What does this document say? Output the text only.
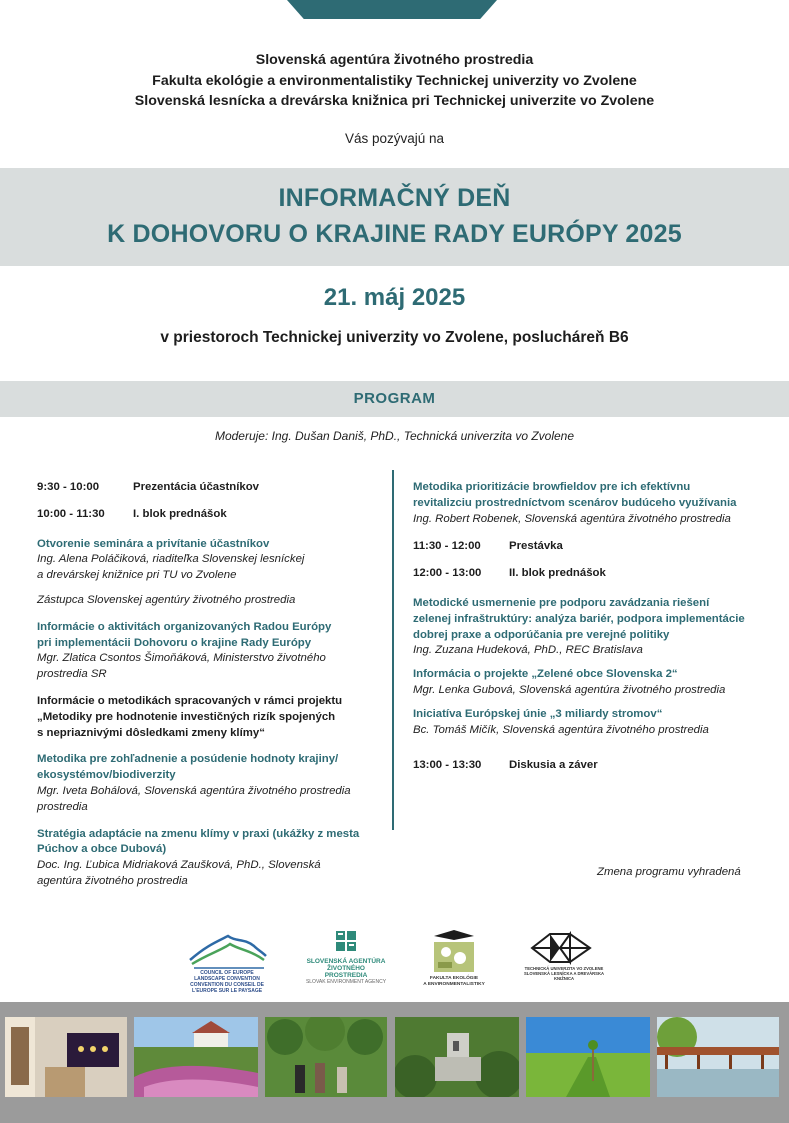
Slovenská agentúra životného prostredia
Fakulta ekológie a environmentalistiky Technickej univerzity vo Zvolene
Slovenská lesnícka a drevárska knižnica pri Technickej univerzite vo Zvolene
Vás pozývajú na
INFORMAČNÝ DEŇ
K DOHOVORU O KRAJINE RADY EURÓPY 2025
21. máj 2025
v priestoroch Technickej univerzity vo Zvolene, poslucháreň B6
PROGRAM
Moderuje: Ing. Dušan Daniš, PhD., Technická univerzita vo Zvolene
9:30 - 10:00	Prezentácia účastníkov
10:00 - 11:30	I. blok prednášok
Otvorenie seminára a privítanie účastníkov
Ing. Alena Poláčiková, riaditeľka Slovenskej lesníckej
a drevárskej knižnice pri TU vo Zvolene
Zástupca Slovenskej agentúry životného prostredia
Informácie o aktivitách organizovaných Radou Európy
pri implementácii Dohovoru o krajine Rady Európy
Mgr. Zlatica Csontos Šimoňáková, Ministerstvo životného
prostredia SR
Informácie o metodikách spracovaných v rámci projektu
„Metodiky pre hodnotenie investičných rizík spojených
s nepriaznivými dôsledkami zmeny klímy“
Metodika pre zohľadnenie a posúdenie hodnoty krajiny/
ekosystémov/biodiverzity
Mgr. Iveta Bohálová, Slovenská agentúra životného prostredia
prostredia
Stratégia adaptácie na zmenu klímy v praxi (ukážky z mesta
Púchov a obce Dubová)
Doc. Ing. Ľubica Midriaková Zaušková, PhD., Slovenská
agentúra životného prostredia
Metodika prioritizácie browfieldov pre ich efektívnu
revitalizciu prostredníctvom scenárov budúceho využívania
Ing. Robert Robenek, Slovenská agentúra životného prostredia
11:30 - 12:00	Prestávka
12:00 - 13:00	II. blok prednášok
Metodické usmernenie pre podporu zavádzania riešení
zelenej infraštruktúry: analýza bariér, podpora implementácie
dobrej praxe a odporúčania pre verejné politiky
Ing. Zuzana Hudeková, PhD., REC Bratislava
Informácia o projekte „Zelené obce Slovenska 2“
Mgr. Lenka Gubová, Slovenská agentúra životného prostredia
Iniciatíva Európskej únie „3 miliardy stromov“
Bc. Tomáš Mičík, Slovenská agentúra životného prostredia
13:00 - 13:30	Diskusia a záver
Zmena programu vyhradená
COUNCIL OF EUROPE LANDSCAPE CONVENTION
CONVENTION DU CONSEIL DE L'EUROPE SUR LE PAYSAGE
SLOVENSKÁ AGENTÚRA
ŽIVOTNÉHO PROSTREDIA
SLOVAK ENVIRONMENT AGENCY
FAKULTA EKOLÓGIE
A ENVIRONMENTALISTIKY
TECHNICKÁ UNIVERZITA VO ZVOLENE
SLOVENSKÁ LESNÍCKA A DREVÁRSKA KNIŽNICA
